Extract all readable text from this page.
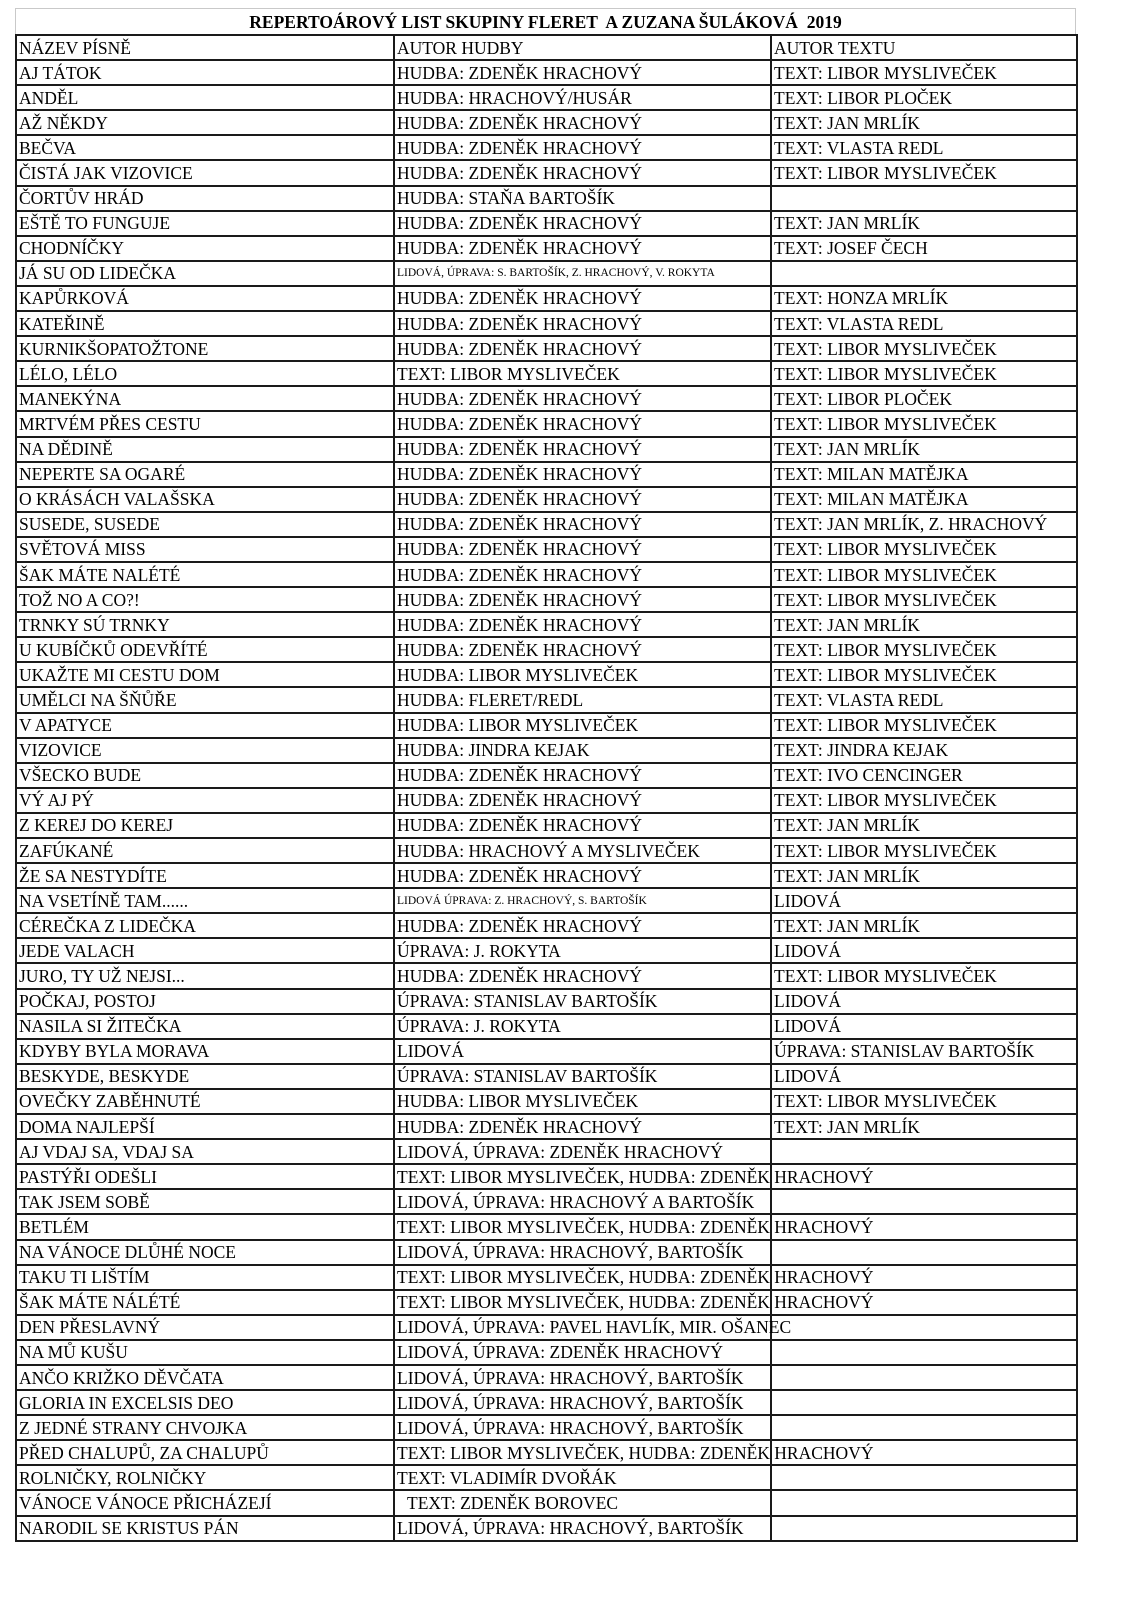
REPERTOÁROVÝ LIST SKUPINY FLERET  A ZUZANA ŠULÁKOVÁ  2019
NÁZEV PÍSNĚ	AUTOR HUDBY	AUTOR TEXTU
AJ TÁTOK	HUDBA: ZDENĚK HRACHOVÝ	TEXT: LIBOR MYSLIVEČEK
ANDĚL	HUDBA: HRACHOVÝ/HUSÁR	TEXT: LIBOR PLOČEK
AŽ NĚKDY	HUDBA: ZDENĚK HRACHOVÝ	TEXT: JAN MRLÍK
BEČVA	HUDBA: ZDENĚK HRACHOVÝ	TEXT: VLASTA REDL
ČISTÁ JAK VIZOVICE	HUDBA: ZDENĚK HRACHOVÝ	TEXT: LIBOR MYSLIVEČEK
ČORTŮV HRÁD	HUDBA: STAŇA BARTOŠÍK	
EŠTĚ TO FUNGUJE	HUDBA: ZDENĚK HRACHOVÝ	TEXT: JAN MRLÍK
CHODNÍČKY	HUDBA: ZDENĚK HRACHOVÝ	TEXT: JOSEF ČECH
JÁ SU OD LIDEČKA	LIDOVÁ, ÚPRAVA: S. BARTOŠÍK, Z. HRACHOVÝ, V. ROKYTA	
KAPŮRKOVÁ	HUDBA: ZDENĚK HRACHOVÝ	TEXT: HONZA MRLÍK
KATEŘINĚ	HUDBA: ZDENĚK HRACHOVÝ	TEXT: VLASTA REDL
KURNIKŠOPATOŽTONE	HUDBA: ZDENĚK HRACHOVÝ	TEXT: LIBOR MYSLIVEČEK
LÉLO, LÉLO	TEXT: LIBOR MYSLIVEČEK	TEXT: LIBOR MYSLIVEČEK
MANEKÝNA	HUDBA: ZDENĚK HRACHOVÝ	TEXT: LIBOR PLOČEK
MRTVÉM PŘES CESTU	HUDBA: ZDENĚK HRACHOVÝ	TEXT: LIBOR MYSLIVEČEK
NA DĚDINĚ	HUDBA: ZDENĚK HRACHOVÝ	TEXT: JAN MRLÍK
NEPERTE SA OGARÉ	HUDBA: ZDENĚK HRACHOVÝ	TEXT: MILAN MATĚJKA
O KRÁSÁCH VALAŠSKA	HUDBA: ZDENĚK HRACHOVÝ	TEXT: MILAN MATĚJKA
SUSEDE, SUSEDE	HUDBA: ZDENĚK HRACHOVÝ	TEXT: JAN MRLÍK, Z. HRACHOVÝ
SVĚTOVÁ MISS	HUDBA: ZDENĚK HRACHOVÝ	TEXT: LIBOR MYSLIVEČEK
ŠAK MÁTE NALÉTÉ	HUDBA: ZDENĚK HRACHOVÝ	TEXT: LIBOR MYSLIVEČEK
TOŽ NO A CO?!	HUDBA: ZDENĚK HRACHOVÝ	TEXT: LIBOR MYSLIVEČEK
TRNKY SÚ TRNKY	HUDBA: ZDENĚK HRACHOVÝ	TEXT: JAN MRLÍK
U KUBÍČKŮ ODEVŘÍTÉ	HUDBA: ZDENĚK HRACHOVÝ	TEXT: LIBOR MYSLIVEČEK
UKAŽTE MI CESTU DOM	HUDBA: LIBOR MYSLIVEČEK	TEXT: LIBOR MYSLIVEČEK
UMĚLCI NA ŠŇŮŘE	HUDBA: FLERET/REDL	TEXT: VLASTA REDL
V APATYCE	HUDBA: LIBOR MYSLIVEČEK	TEXT: LIBOR MYSLIVEČEK
VIZOVICE	HUDBA: JINDRA KEJAK	TEXT: JINDRA KEJAK
VŠECKO BUDE	HUDBA: ZDENĚK HRACHOVÝ	TEXT: IVO CENCINGER
VÝ AJ PÝ	HUDBA: ZDENĚK HRACHOVÝ	TEXT: LIBOR MYSLIVEČEK
Z KEREJ DO KEREJ	HUDBA: ZDENĚK HRACHOVÝ	TEXT: JAN MRLÍK
ZAFÚKANÉ	HUDBA: HRACHOVÝ A MYSLIVEČEK	TEXT: LIBOR MYSLIVEČEK
ŽE SA NESTYDÍTE	HUDBA: ZDENĚK HRACHOVÝ	TEXT: JAN MRLÍK
NA VSETÍNĚ TAM......	LIDOVÁ ÚPRAVA: Z. HRACHOVÝ, S. BARTOŠÍK	LIDOVÁ
CÉREČKA Z LIDEČKA	HUDBA: ZDENĚK HRACHOVÝ	TEXT: JAN MRLÍK
JEDE VALACH	ÚPRAVA: J. ROKYTA	LIDOVÁ
JURO, TY UŽ NEJSI...	HUDBA: ZDENĚK HRACHOVÝ	TEXT: LIBOR MYSLIVEČEK
POČKAJ, POSTOJ	ÚPRAVA: STANISLAV BARTOŠÍK	LIDOVÁ
NASILA SI ŽITEČKA	ÚPRAVA: J. ROKYTA	LIDOVÁ
KDYBY BYLA MORAVA	LIDOVÁ	ÚPRAVA: STANISLAV BARTOŠÍK
BESKYDE, BESKYDE	ÚPRAVA: STANISLAV BARTOŠÍK	LIDOVÁ
OVEČKY ZABĚHNUTÉ	HUDBA: LIBOR MYSLIVEČEK	TEXT: LIBOR MYSLIVEČEK
DOMA NAJLEPŠÍ	HUDBA: ZDENĚK HRACHOVÝ	TEXT: JAN MRLÍK
AJ VDAJ SA, VDAJ SA	LIDOVÁ, ÚPRAVA: ZDENĚK HRACHOVÝ	
PASTÝŘI ODEŠLI	TEXT: LIBOR MYSLIVEČEK, HUDBA: ZDENĚK HRACHOVÝ	
TAK JSEM SOBĚ	LIDOVÁ, ÚPRAVA: HRACHOVÝ A BARTOŠÍK	
BETLÉM	TEXT: LIBOR MYSLIVEČEK, HUDBA: ZDENĚK HRACHOVÝ	
NA VÁNOCE DLŮHÉ NOCE	LIDOVÁ, ÚPRAVA: HRACHOVÝ, BARTOŠÍK	
TAKU TI LIŠTÍM	TEXT: LIBOR MYSLIVEČEK, HUDBA: ZDENĚK HRACHOVÝ	
ŠAK MÁTE NÁLÉTÉ	TEXT: LIBOR MYSLIVEČEK, HUDBA: ZDENĚK HRACHOVÝ	
DEN PŘESLAVNÝ	LIDOVÁ, ÚPRAVA: PAVEL HAVLÍK, MIR. OŠANEC	
NA MŮ KUŠU	LIDOVÁ, ÚPRAVA: ZDENĚK HRACHOVÝ	
ANČO KRIŽKO DĚVČATA	LIDOVÁ, ÚPRAVA: HRACHOVÝ, BARTOŠÍK	
GLORIA IN EXCELSIS DEO	LIDOVÁ, ÚPRAVA: HRACHOVÝ, BARTOŠÍK	
Z JEDNÉ STRANY CHVOJKA	LIDOVÁ, ÚPRAVA: HRACHOVÝ, BARTOŠÍK	
PŘED CHALUPŮ, ZA CHALUPŮ	TEXT: LIBOR MYSLIVEČEK, HUDBA: ZDENĚK HRACHOVÝ	
ROLNIČKY, ROLNIČKY	TEXT: VLADIMÍR DVOŘÁK	
VÁNOCE VÁNOCE PŘICHÁZEJÍ	TEXT: ZDENĚK BOROVEC	
NARODIL SE KRISTUS PÁN	LIDOVÁ, ÚPRAVA: HRACHOVÝ, BARTOŠÍK	
